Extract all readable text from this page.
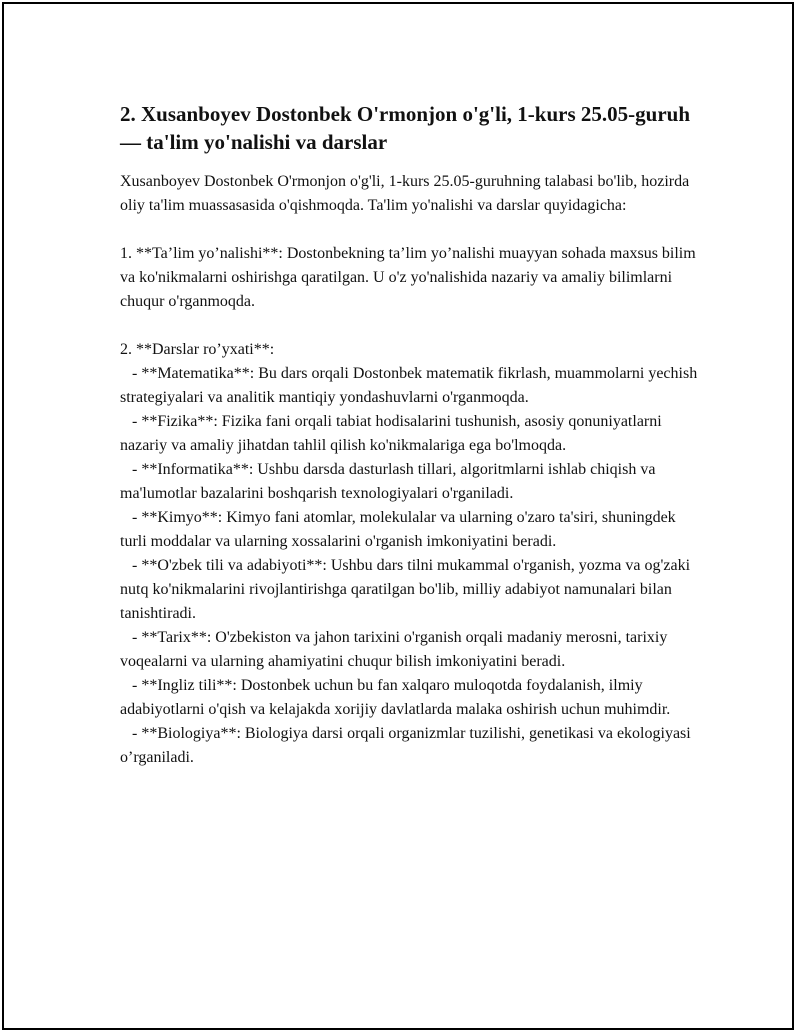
2. Xusanboyev Dostonbek O'rmonjon o'g'li, 1-kurs 25.05-guruh — ta'lim yo'nalishi va darslar

Xusanboyev Dostonbek O'rmonjon o'g'li, 1-kurs 25.05-guruhning talabasi bo'lib, hozirda oliy ta'lim muassasasida o'qishmoqda. Ta'lim yo'nalishi va darslar quyidagicha:

1. **Ta’lim yo’nalishi**: Dostonbekning ta’lim yo’nalishi muayyan sohada maxsus bilim va ko'nikmalarni oshirishga qaratilgan. U o'z yo'nalishida nazariy va amaliy bilimlarni chuqur o'rganmoqda.

2. **Darslar ro’yxati**:

- **Matematika**: Bu dars orqali Dostonbek matematik fikrlash, muammolarni yechish strategiyalari va analitik mantiqiy yondashuvlarni o'rganmoqda.

- **Fizika**: Fizika fani orqali tabiat hodisalarini tushunish, asosiy qonuniyatlarni nazariy va amaliy jihatdan tahlil qilish ko'nikmalariga ega bo'lmoqda.

- **Informatika**: Ushbu darsda dasturlash tillari, algoritmlarni ishlab chiqish va ma'lumotlar bazalarini boshqarish texnologiyalari o'rganiladi.

- **Kimyo**: Kimyo fani atomlar, molekulalar va ularning o'zaro ta'siri, shuningdek turli moddalar va ularning xossalarini o'rganish imkoniyatini beradi.

- **O'zbek tili va adabiyoti**: Ushbu dars tilni mukammal o'rganish, yozma va og'zaki nutq ko'nikmalarini rivojlantirishga qaratilgan bo'lib, milliy adabiyot namunalari bilan tanishtiradi.

- **Tarix**: O'zbekiston va jahon tarixini o'rganish orqali madaniy merosni, tarixiy voqealarni va ularning ahamiyatini chuqur bilish imkoniyatini beradi.

- **Ingliz tili**: Dostonbek uchun bu fan xalqaro muloqotda foydalanish, ilmiy adabiyotlarni o'qish va kelajakda xorijiy davlatlarda malaka oshirish uchun muhimdir.

- **Biologiya**: Biologiya darsi orqali organizmlar tuzilishi, genetikasi va ekologiyasi o’rganiladi.
